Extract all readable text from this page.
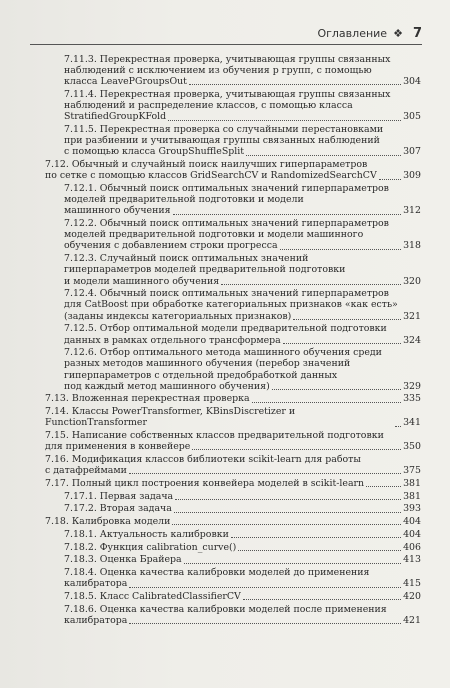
Оглавление ❖ 7
7.11.3. Перекрестная проверка, учитывающая группы связанных
наблюдений с исключением из обучения p групп, с помощью
класса LeavePGroupsOut	304
7.11.4. Перекрестная проверка, учитывающая группы связанных
наблюдений и распределение классов, с помощью класса
StratifiedGroupKFold	305
7.11.5. Перекрестная проверка со случайными перестановками
при разбиении и учитывающая группы связанных наблюдений
с помощью класса GroupShuffleSplit	307
7.12. Обычный и случайный поиск наилучших гиперпараметров
по сетке с помощью классов GridSearchCV и RandomizedSearchCV	309
7.12.1. Обычный поиск оптимальных значений гиперпараметров
моделей предварительной подготовки и модели
машинного обучения	312
7.12.2. Обычный поиск оптимальных значений гиперпараметров
моделей предварительной подготовки и модели машинного
обучения с добавлением строки прогресса	318
7.12.3. Случайный поиск оптимальных значений
гиперпараметров моделей предварительной подготовки
и модели машинного обучения	320
7.12.4. Обычный поиск оптимальных значений гиперпараметров
для CatBoost при обработке категориальных признаков «как есть»
(заданы индексы категориальных признаков)	321
7.12.5. Отбор оптимальной модели предварительной подготовки
данных в рамках отдельного трансформера	324
7.12.6. Отбор оптимального метода машинного обучения среди
разных методов машинного обучения (перебор значений
гиперпараметров с отдельной предобработкой данных
под каждый метод машинного обучения)	329
7.13. Вложенная перекрестная проверка	335
7.14. Классы PowerTransformer, KBinsDiscretizer и FunctionTransformer	341
7.15. Написание собственных классов предварительной подготовки
для применения в конвейере	350
7.16. Модификация классов библиотеки scikit-learn для работы
с датафреймами	375
7.17. Полный цикл построения конвейера моделей в scikit-learn	381
7.17.1. Первая задача	381
7.17.2. Вторая задача	393
7.18. Калибровка модели	404
7.18.1. Актуальность калибровки	404
7.18.2. Функция calibration_curve()	406
7.18.3. Оценка Брайера	413
7.18.4. Оценка качества калибровки моделей до применения
калибратора	415
7.18.5. Класс CalibratedClassifierCV	420
7.18.6. Оценка качества калибровки моделей после применения
калибратора	421
